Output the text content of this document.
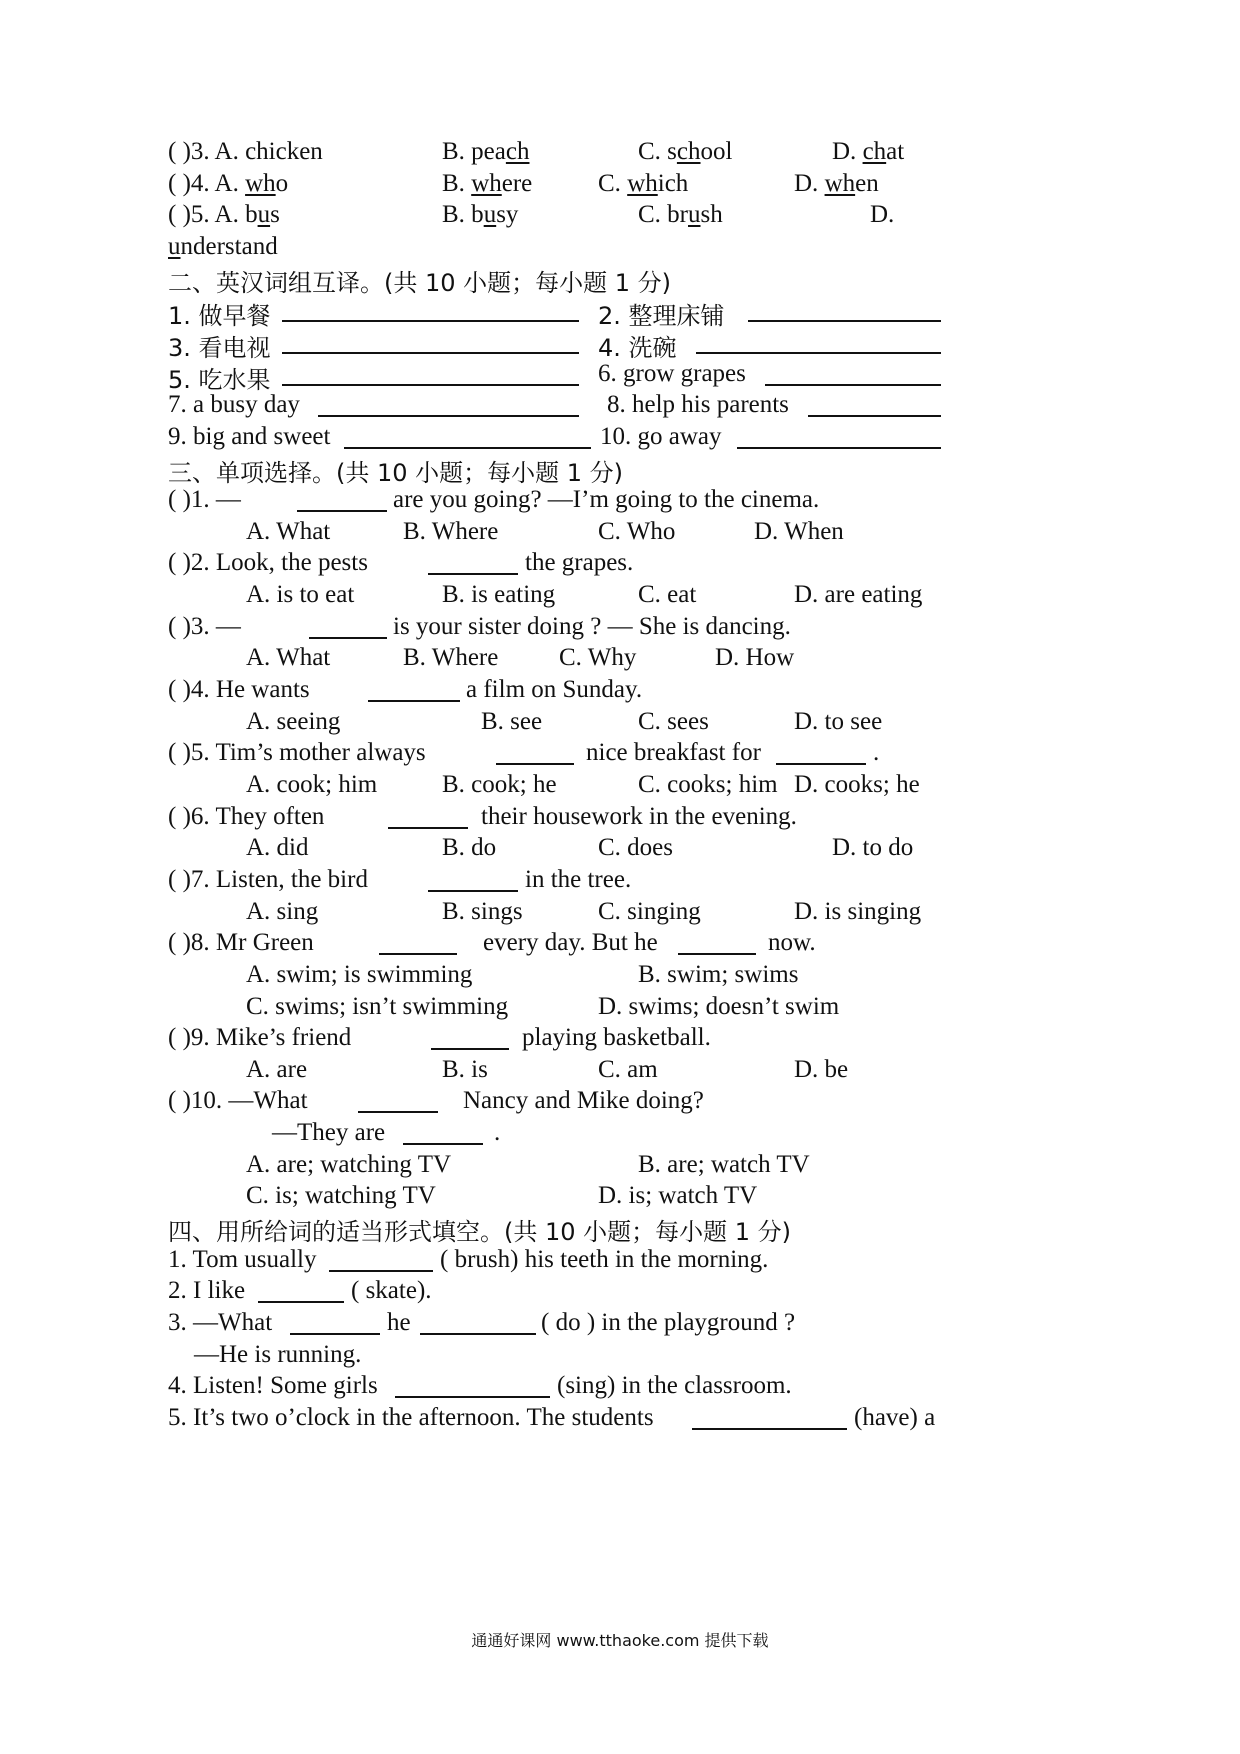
( )3. A. chicken	B. peach	C. school	D. chat
( )4. A. who	B. where	C. which	D. when
( )5. A. bus	B. busy	C. brush	D.
understand
二、英汉词组互译。(共 10 小题；每小题 1 分)
1. 做早餐	2. 整理床铺
3. 看电视	4. 洗碗
5. 吃水果	6. grow grapes
7. a busy day	8. help his parents
9. big and sweet	10. go away
三、单项选择。(共 10 小题；每小题 1 分)
( )1. —	are you going? —I’m going to the cinema.
A. What	B. Where	C. Who	D. When
( )2. Look, the pests	the grapes.
A. is to eat	B. is eating	C. eat	D. are eating
( )3. —	is your sister doing ? — She is dancing.
A. What	B. Where C. Why	D. How
( )4. He wants	a film on Sunday.
A. seeing	B. see	C. sees	D. to see
( )5. Tim’s mother always	nice breakfast for	.
A. cook; him	B. cook; he	C. cooks; him D. cooks; he
( )6. They often	their housework in the evening.
A. did	B. do	C. does	D. to do
( )7. Listen, the bird	in the tree.
A. sing	B. sings	C. singing	D. is singing
( )8. Mr Green	every day. But he	now.
A. swim; is swimming	B. swim; swims
C. swims; isn’t swimming	D. swims; doesn’t swim
( )9. Mike’s friend	playing basketball.
A. are	B. is	C. am	D. be
( )10. —What	Nancy and Mike doing?
—They are	.
A. are; watching TV	B. are; watch TV
C. is; watching TV	D. is; watch TV
四、用所给词的适当形式填空。(共 10 小题；每小题 1 分)
1. Tom usually	( brush) his teeth in the morning.
2. I like	( skate).
3. —What	he	( do ) in the playground ?
—He is running.
4. Listen! Some girls	(sing) in the classroom.
5. It’s two o’clock in the afternoon. The students	(have) a
通通好课网 www.tthaoke.com 提供下载
